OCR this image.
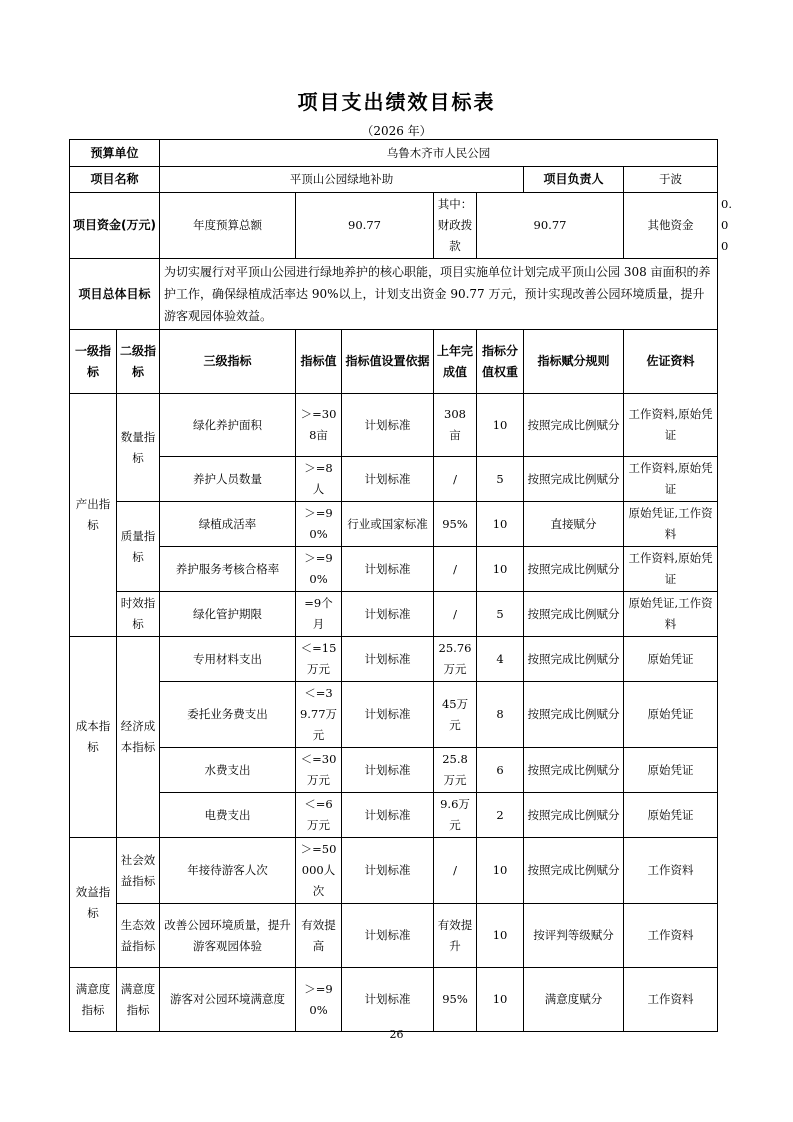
项目支出绩效目标表
（2026 年）
预算单位		乌鲁木齐市人民公园							
项目名称		平顶山公园绿地补助					项目负责人	于波	
项目资金(万元)		年度预算总额	90.77		其中：财政拨款	90.77		其他资金	0.00
项目总体目标		为切实履行对平顶山公园进行绿地养护的核心职能，项目实施单位计划完成平顶山公园 308 亩面积的养护工作，确保绿植成活率达 90%以上，计划支出资金 90.77 万元，预计实现改善公园环境质量，提升游客观园体验效益。							
一级指标	二级指标	三级指标	指标值	指标值设置依据	上年完成值	指标分值权重	指标赋分规则	佐证资料	
产出指标	数量指标	绿化养护面积	＞=308亩	计划标准	308 亩	10	按照完成比例赋分	工作资料,原始凭证	
		养护人员数量	＞=8人	计划标准	/	5	按照完成比例赋分	工作资料,原始凭证	
	质量指标	绿植成活率	＞=90%	行业或国家标准	95%	10	直接赋分	原始凭证,工作资料	
		养护服务考核合格率	＞=90%	计划标准	/	10	按照完成比例赋分	工作资料,原始凭证	
	时效指标	绿化管护期限	=9个月	计划标准	/	5	按照完成比例赋分	原始凭证,工作资料	
成本指标	经济成本指标	专用材料支出	＜=15万元	计划标准	25.76万元	4	按照完成比例赋分	原始凭证	
		委托业务费支出	＜=39.77万元	计划标准	45万元	8	按照完成比例赋分	原始凭证	
		水费支出	＜=30万元	计划标准	25.8万元	6	按照完成比例赋分	原始凭证	
		电费支出	＜=6万元	计划标准	9.6万元	2	按照完成比例赋分	原始凭证	
效益指标	社会效益指标	年接待游客人次	＞=50000人次	计划标准	/	10	按照完成比例赋分	工作资料	
	生态效益指标	改善公园环境质量，提升游客观园体验	有效提高	计划标准	有效提升	10	按评判等级赋分	工作资料	
满意度指标	满意度指标	游客对公园环境满意度	＞=90%	计划标准	95%	10	满意度赋分	工作资料	
26
